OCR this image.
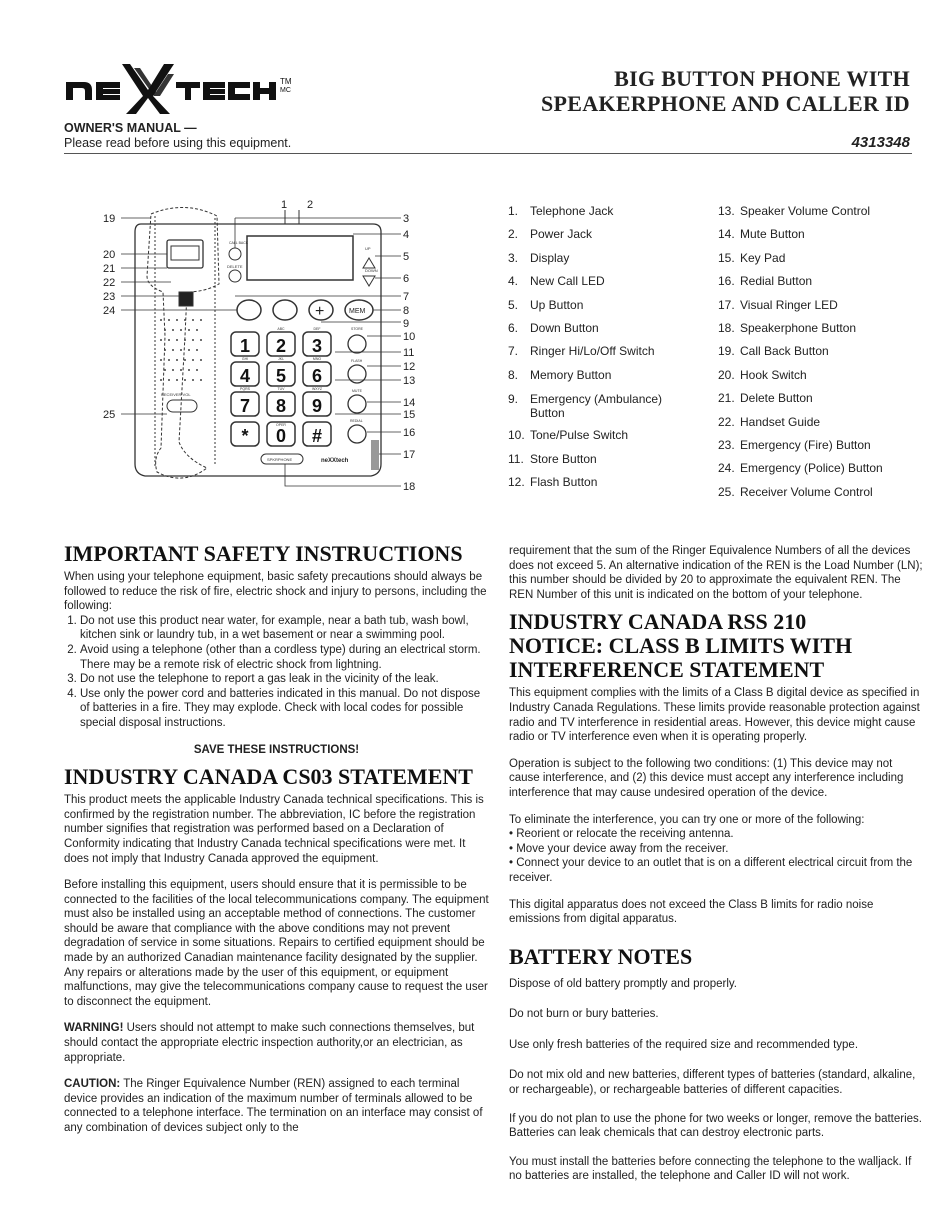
TM
MC	BIG BUTTON PHONE WITH
SPEAKERPHONE AND CALLER ID
OWNER'S MANUAL —
Please read before using this equipment.	4313348
RECEIVER VOL
CALL BACK
DELETE
UP
DOWN
+	MEM
1 2 3
4 5 6
7 8 9
* 0 #
ABC	DEF
GHI	JKL	MNO
PQRS	TUV	WXYZ
OPER
STORE
FLASH
MUTE
REDIAL
SPKRPHONE	neXXtech
19
20
21
22
23
24
25
1 2
3
4
5
6
7
8
9
10
11
12
13
14
15
16
17
18
1. Telephone Jack
2. Power Jack
3. Display
4. New Call LED
5. Up Button
6. Down Button
7. Ringer Hi/Lo/Off Switch
8. Memory Button
9. Emergency (Ambulance) Button
10. Tone/Pulse Switch
11. Store Button
12. Flash Button
13. Speaker Volume Control
14. Mute Button
15. Key Pad
16. Redial Button
17. Visual Ringer LED
18. Speakerphone Button
19. Call Back Button
20. Hook Switch
21. Delete Button
22. Handset Guide
23. Emergency (Fire) Button
24. Emergency (Police) Button
25. Receiver Volume Control
IMPORTANT SAFETY INSTRUCTIONS

When using your telephone equipment, basic safety precautions should always be followed to reduce the risk of fire, electric shock and injury to persons, including the following:

1. Do not use this product near water, for example, near a bath tub, wash bowl, kitchen sink or laundry tub, in a wet basement or near a swimming pool.
2. Avoid using a telephone (other than a cordless type) during an electrical storm. There may be a remote risk of electric shock from lightning.
3. Do not use the telephone to report a gas leak in the vicinity of the leak.
4. Use only the power cord and batteries indicated in this manual. Do not dispose of batteries in a fire. They may explode. Check with local codes for possible special disposal instructions.

SAVE THESE INSTRUCTIONS!

INDUSTRY CANADA CS03 STATEMENT

This product meets the applicable Industry Canada technical specifications. This is confirmed by the registration number. The abbreviation, IC before the registration number signifies that registration was performed based on a Declaration of Conformity indicating that Industry Canada technical specifications were met. It does not imply that Industry Canada approved the equipment.

Before installing this equipment, users should ensure that it is permissible to be connected to the facilities of the local telecommunications company. The equipment must also be installed using an acceptable method of connections. The customer should be aware that compliance with the above conditions may not prevent degradation of service in some situations. Repairs to certified equipment should be made by an authorized Canadian maintenance facility designated by the supplier. Any repairs or alterations made by the user of this equipment, or equipment malfunctions, may give the telecommunications company cause to request the user to disconnect the equipment.

WARNING! Users should not attempt to make such connections themselves, but should contact the appropriate electric inspection authority,or an electrician, as appropriate.

CAUTION: The Ringer Equivalence Number (REN) assigned to each terminal device provides an indication of the maximum number of terminals allowed to be connected to a telephone interface. The termination on an interface may consist of any combination of devices subject only to the

requirement that the sum of the Ringer Equivalence Numbers of all the devices does not exceed 5. An alternative indication of the REN is the Load Number (LN); this number should be divided by 20 to approximate the equivalent REN. The REN Number of this unit is indicated on the bottom of your telephone.

INDUSTRY CANADA RSS 210 NOTICE: CLASS B LIMITS WITH INTERFERENCE STATEMENT

This equipment complies with the limits of a Class B digital device as specified in Industry Canada Regulations. These limits provide reasonable protection against radio and TV interference in residential areas. However, this device might cause radio or TV interference even when it is operating properly.

Operation is subject to the following two conditions: (1) This device may not cause interference, and (2) this device must accept any interference including interference that may cause undesired operation of the device.

To eliminate the interference, you can try one or more of the following:

• Reorient or relocate the receiving antenna.
• Move your device away from the receiver.
• Connect your device to an outlet that is on a different electrical circuit from the receiver.

This digital apparatus does not exceed the Class B limits for radio noise emissions from digital apparatus.

BATTERY NOTES

Dispose of old battery promptly and properly.

Do not burn or bury batteries.

Use only fresh batteries of the required size and recommended type.

Do not mix old and new batteries, different types of batteries (standard, alkaline, or rechargeable), or rechargeable batteries of different capacities.

If you do not plan to use the phone for two weeks or longer, remove the batteries. Batteries can leak chemicals that can destroy electronic parts.

You must install the batteries before connecting the telephone to the walljack. If no batteries are installed, the telephone and Caller ID will not work.
